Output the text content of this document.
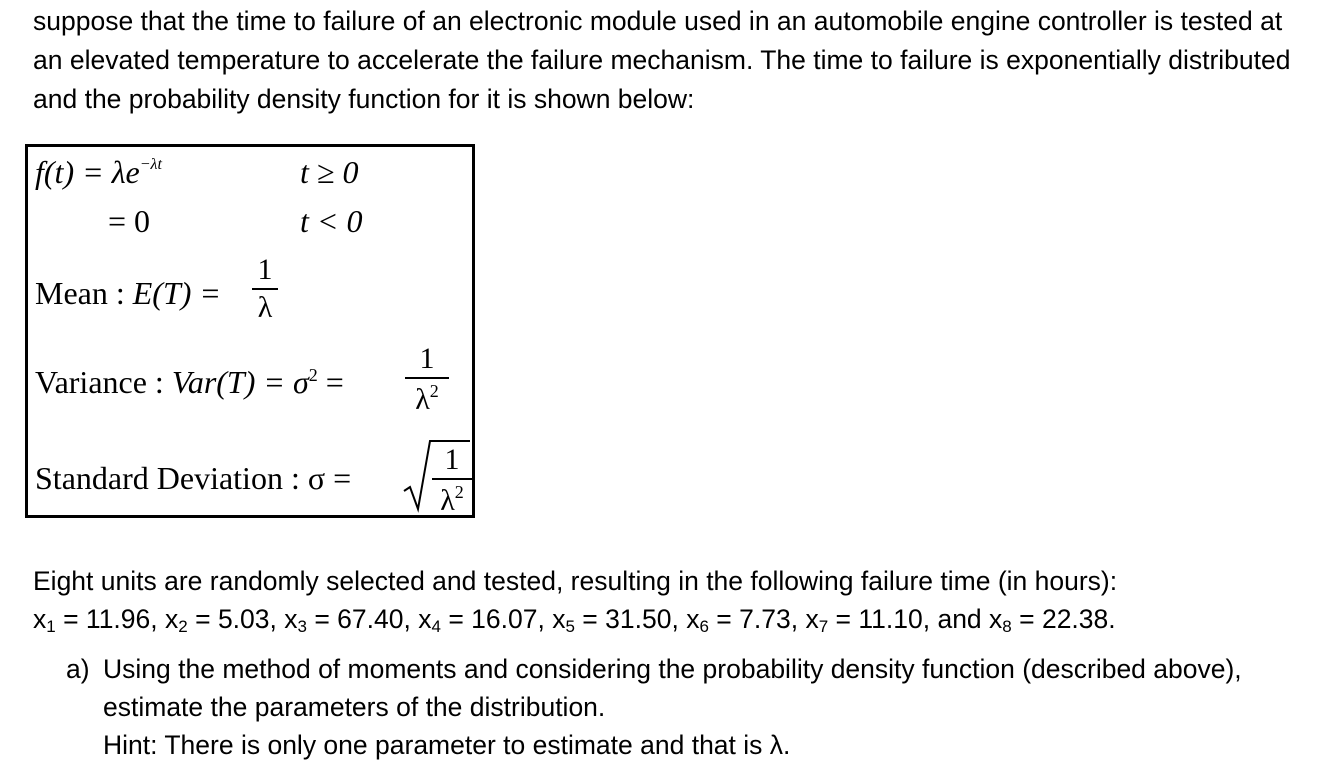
suppose that the time to failure of an electronic module used in an automobile engine controller is tested at an elevated temperature to accelerate the failure mechanism. The time to failure is exponentially distributed and the probability density function for it is shown below:

$f(t) = \lambda e^{-\lambda t}$	t ≥ 0
= 0	t < 0
Mean : E(T) =
1
λ
Variance : $Var(T) = \sigma^2$ =
1
$\lambda^2$
Standard Deviation : σ =
1
$\lambda^2$
Eight units are randomly selected and tested, resulting in the following failure time (in hours):
$x_1 = 11.96$, $x_2 = 5.03$, $x_3 = 67.40$, $x_4 = 16.07$, $x_5 = 31.50$, $x_6 = 7.73$, $x_7 = 11.10$, and $x_8 = 22.38$.
a) Using the method of moments and considering the probability density function (described above), estimate the parameters of the distribution.
Hint: There is only one parameter to estimate and that is λ.
